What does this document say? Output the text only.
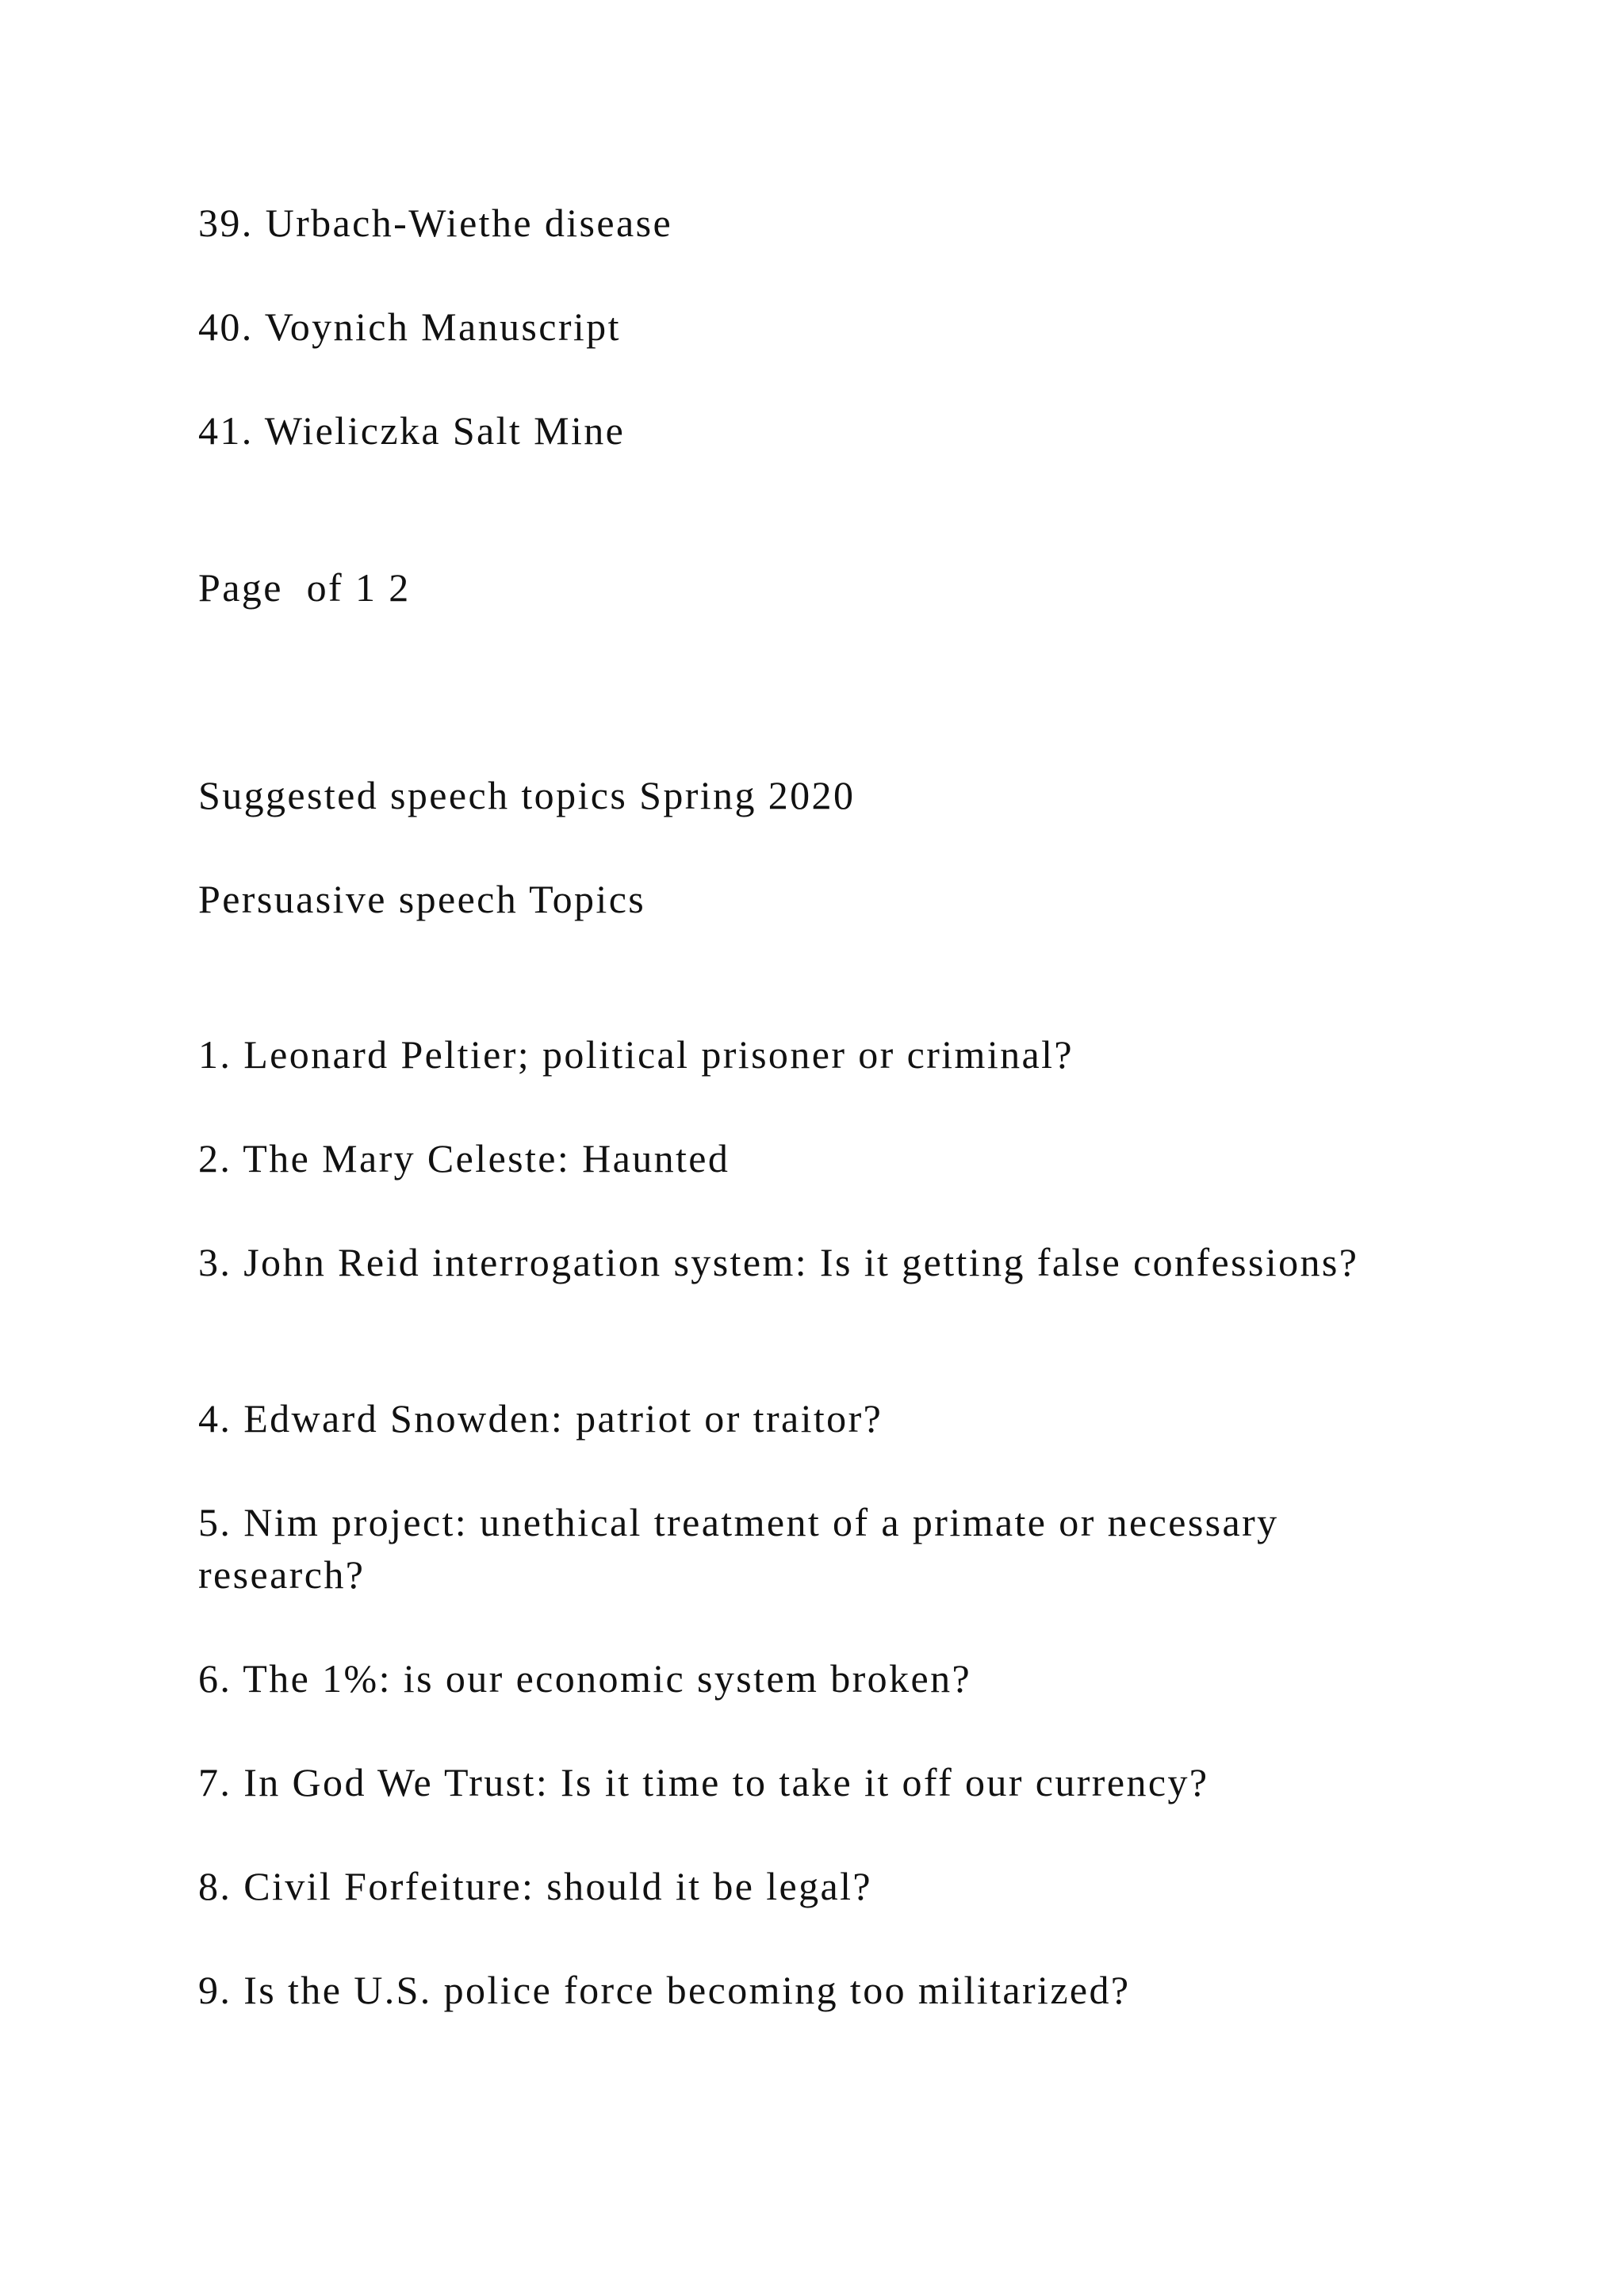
39. Urbach-Wiethe disease

40. Voynich Manuscript

41. Wieliczka Salt Mine

Page  of 1 2

Suggested speech topics Spring 2020

Persuasive speech Topics

1. Leonard Peltier; political prisoner or criminal?

2. The Mary Celeste: Haunted

3. John Reid interrogation system: Is it getting false confessions?

4. Edward Snowden: patriot or traitor?

5. Nim project: unethical treatment of a primate or necessary research?

6. The 1%: is our economic system broken?

7. In God We Trust: Is it time to take it off our currency?

8. Civil Forfeiture: should it be legal?

9. Is the U.S. police force becoming too militarized?
